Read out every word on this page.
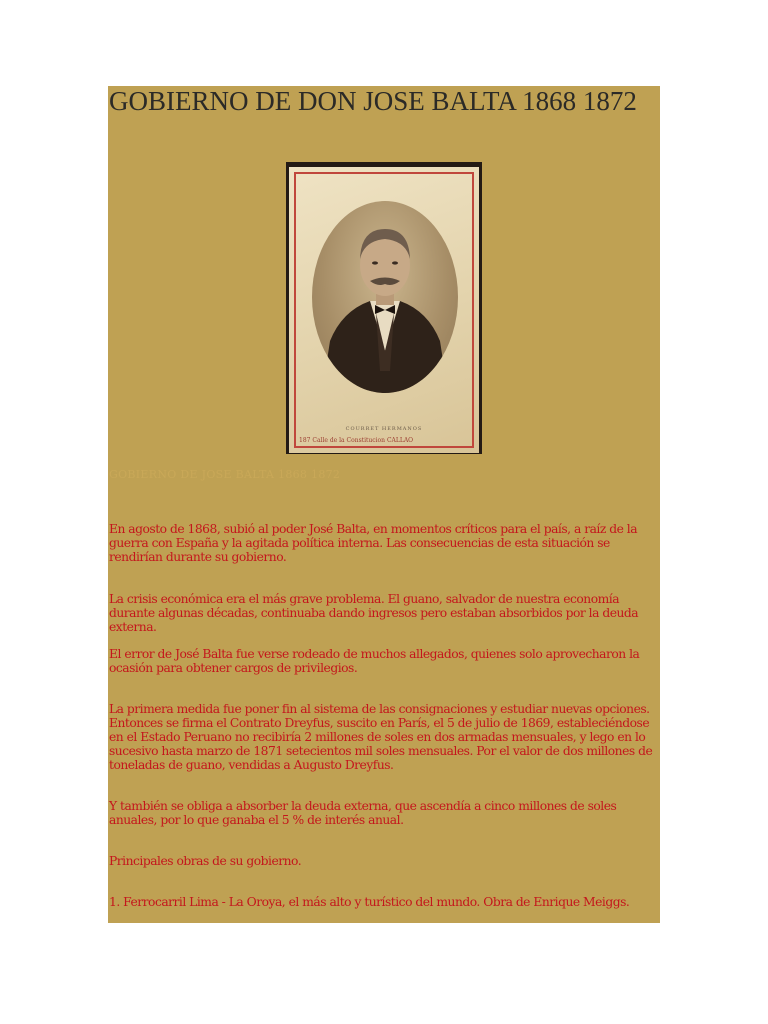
GOBIERNO DE DON JOSE BALTA 1868 1872
COURRET HERMANOS
187 Calle de la Constitucion CALLAO
GOBIERNO DE JOSE BALTA 1868 1872

En agosto de 1868, subió al poder José Balta, en momentos críticos para el país, a raíz de la guerra con España y la agitada política interna. Las consecuencias de esta situación se rendirían durante su gobierno.

La crisis económica era el más grave problema. El guano, salvador de nuestra economía durante algunas décadas, continuaba dando ingresos pero estaban absorbidos por la deuda externa.

El error de José Balta fue verse rodeado de muchos allegados, quienes solo aprovecharon la ocasión para obtener cargos de privilegios.

La primera medida fue poner fin al sistema de las consignaciones y estudiar nuevas opciones. Entonces se firma el Contrato Dreyfus, suscito en París, el 5 de julio de 1869, estableciéndose en el Estado Peruano no recibiría 2 millones de soles en dos armadas mensuales, y lego en lo sucesivo hasta marzo de 1871 setecientos mil soles mensuales. Por el valor de dos millones de toneladas de guano, vendidas a Augusto Dreyfus.

Y también se obliga a absorber la deuda externa, que ascendía a cinco millones de soles anuales, por lo que ganaba el 5 % de interés anual.

Principales obras de su gobierno.

1. Ferrocarril Lima - La Oroya, el más alto y turístico del mundo. Obra de Enrique Meiggs.
